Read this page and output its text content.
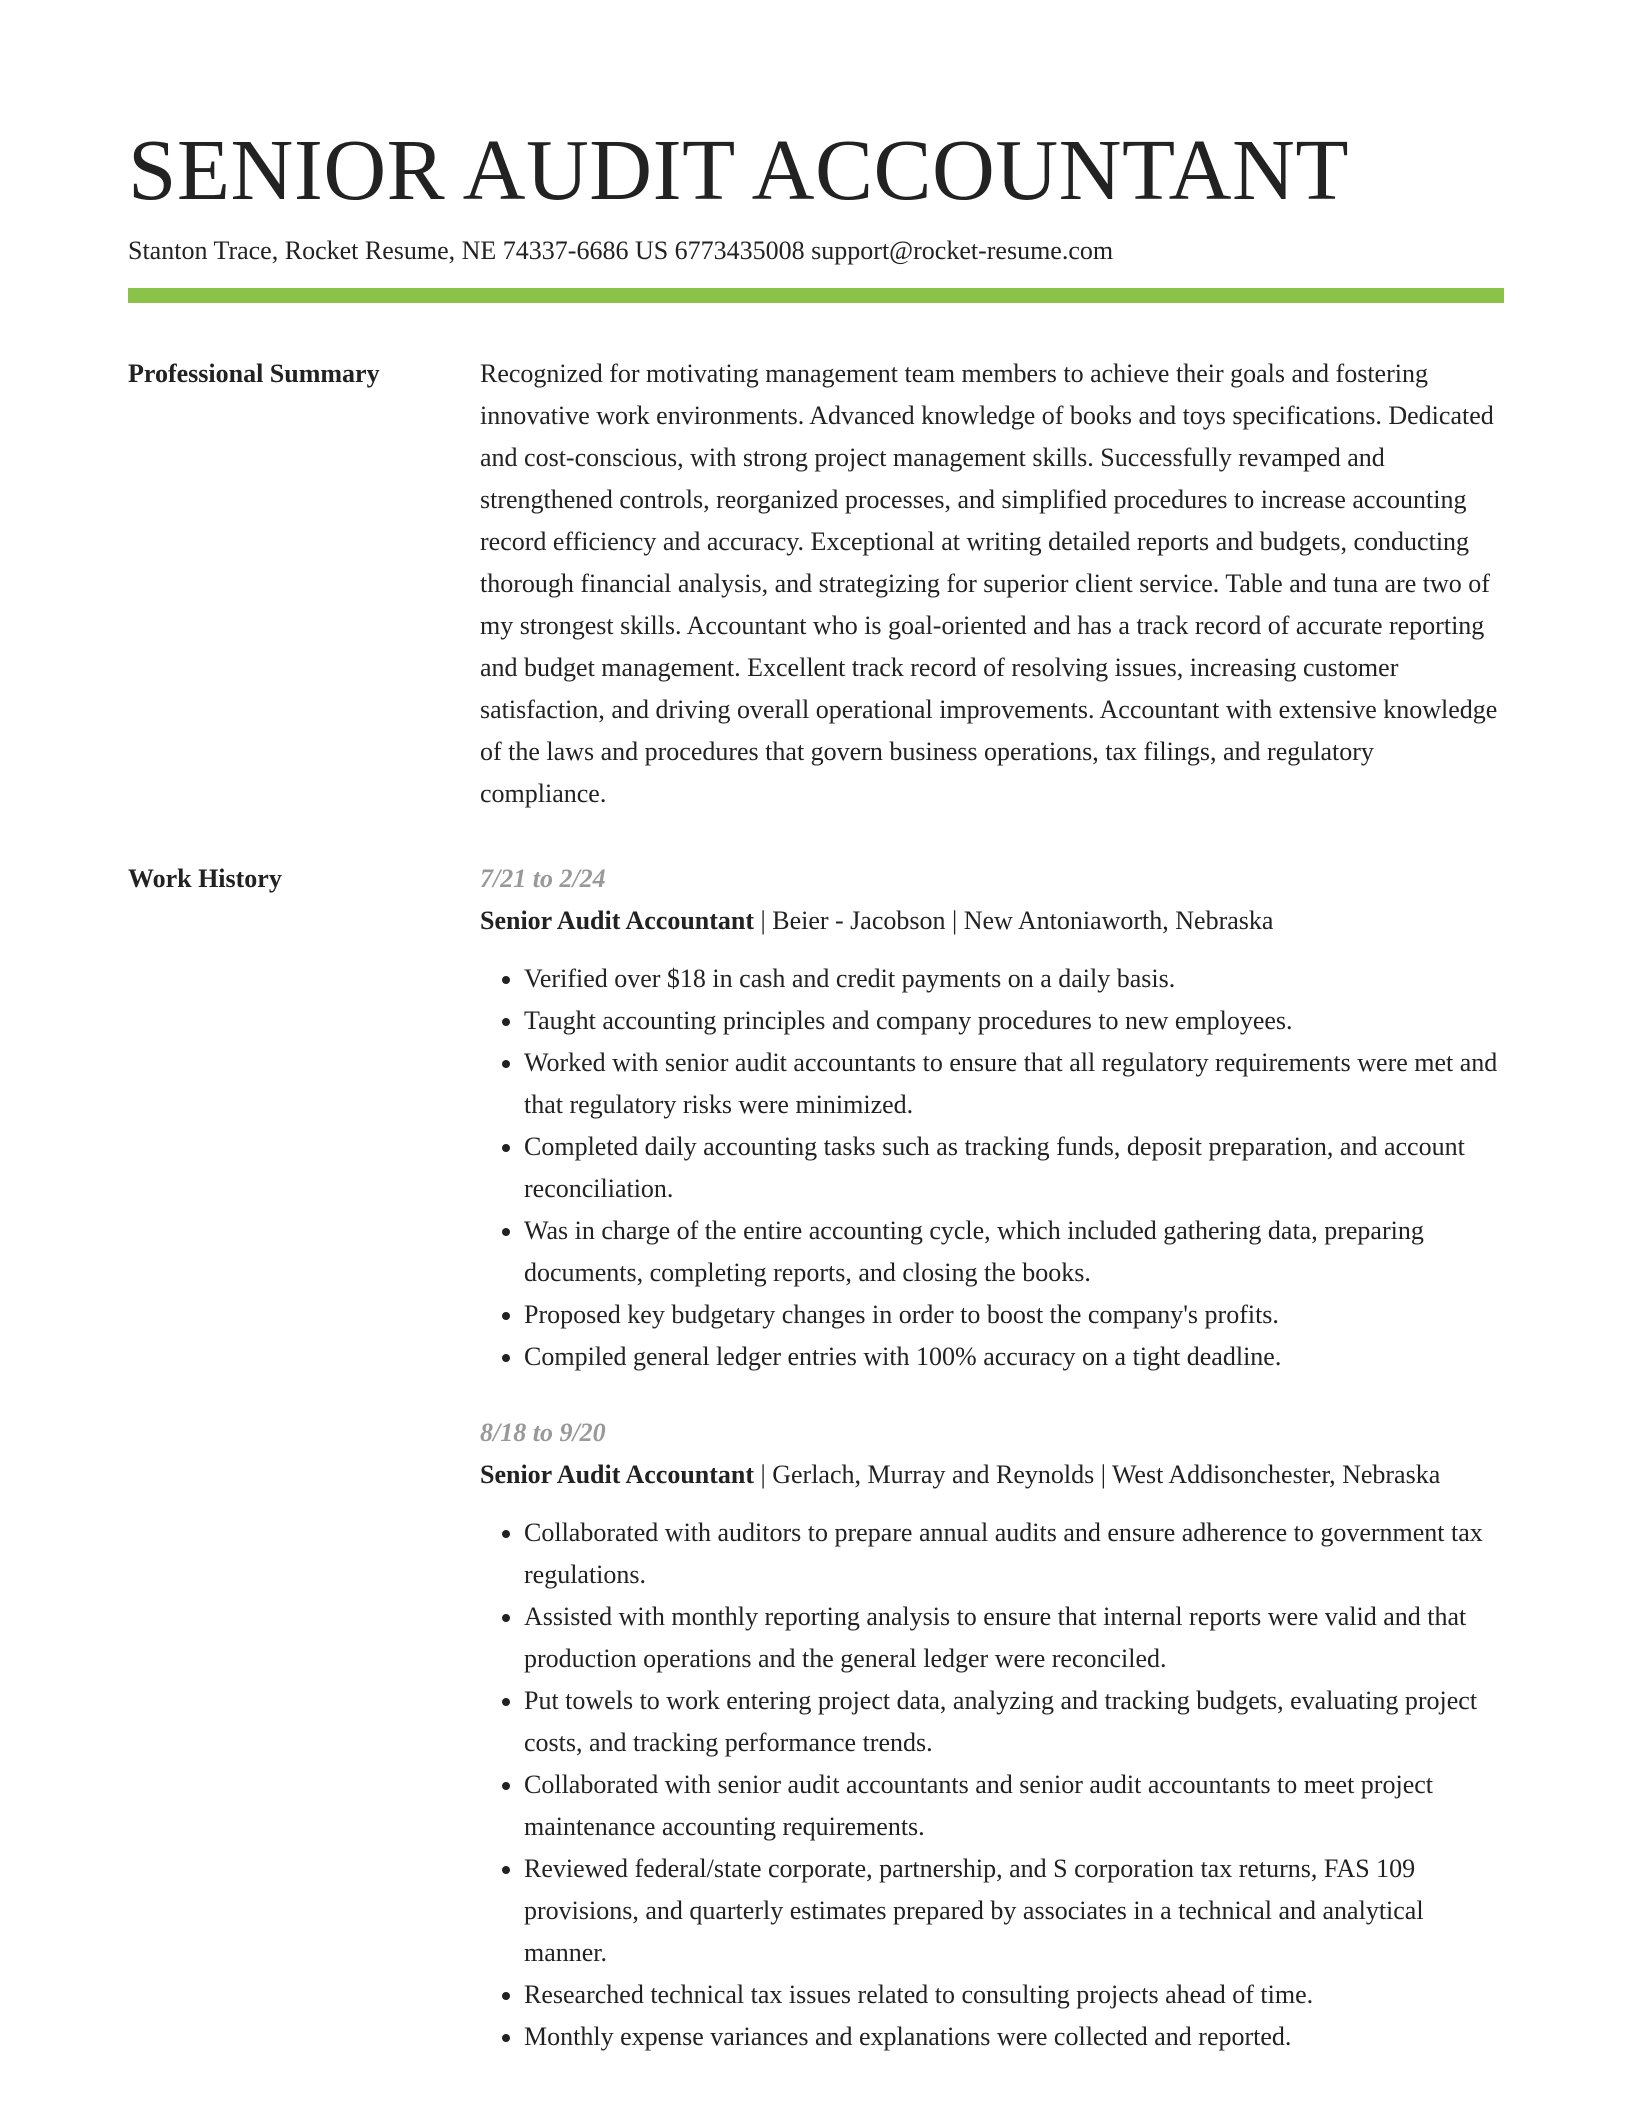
SENIOR AUDIT ACCOUNTANT
Stanton Trace, Rocket Resume, NE 74337-6686 US 6773435008 support@rocket-resume.com
Professional Summary	Recognized for motivating management team members to achieve their goals and fostering innovative work environments. Advanced knowledge of books and toys specifications. Dedicated and cost-conscious, with strong project management skills. Successfully revamped and strengthened controls, reorganized processes, and simplified procedures to increase accounting record efficiency and accuracy. Exceptional at writing detailed reports and budgets, conducting thorough financial analysis, and strategizing for superior client service. Table and tuna are two of my strongest skills. Accountant who is goal-oriented and has a track record of accurate reporting and budget management. Excellent track record of resolving issues, increasing customer satisfaction, and driving overall operational improvements. Accountant with extensive knowledge of the laws and procedures that govern business operations, tax filings, and regulatory compliance.

Work History	7/21 to 2/24
Senior Audit Accountant | Beier - Jacobson | New Antoniaworth, Nebraska
• Verified over $18 in cash and credit payments on a daily basis.
• Taught accounting principles and company procedures to new employees.
• Worked with senior audit accountants to ensure that all regulatory requirements were met and that regulatory risks were minimized.
• Completed daily accounting tasks such as tracking funds, deposit preparation, and account reconciliation.
• Was in charge of the entire accounting cycle, which included gathering data, preparing documents, completing reports, and closing the books.
• Proposed key budgetary changes in order to boost the company's profits.
• Compiled general ledger entries with 100% accuracy on a tight deadline.
8/18 to 9/20
Senior Audit Accountant | Gerlach, Murray and Reynolds | West Addisonchester, Nebraska
• Collaborated with auditors to prepare annual audits and ensure adherence to government tax regulations.
• Assisted with monthly reporting analysis to ensure that internal reports were valid and that production operations and the general ledger were reconciled.
• Put towels to work entering project data, analyzing and tracking budgets, evaluating project costs, and tracking performance trends.
• Collaborated with senior audit accountants and senior audit accountants to meet project maintenance accounting requirements.
• Reviewed federal/state corporate, partnership, and S corporation tax returns, FAS 109 provisions, and quarterly estimates prepared by associates in a technical and analytical manner.
• Researched technical tax issues related to consulting projects ahead of time.
• Monthly expense variances and explanations were collected and reported.
